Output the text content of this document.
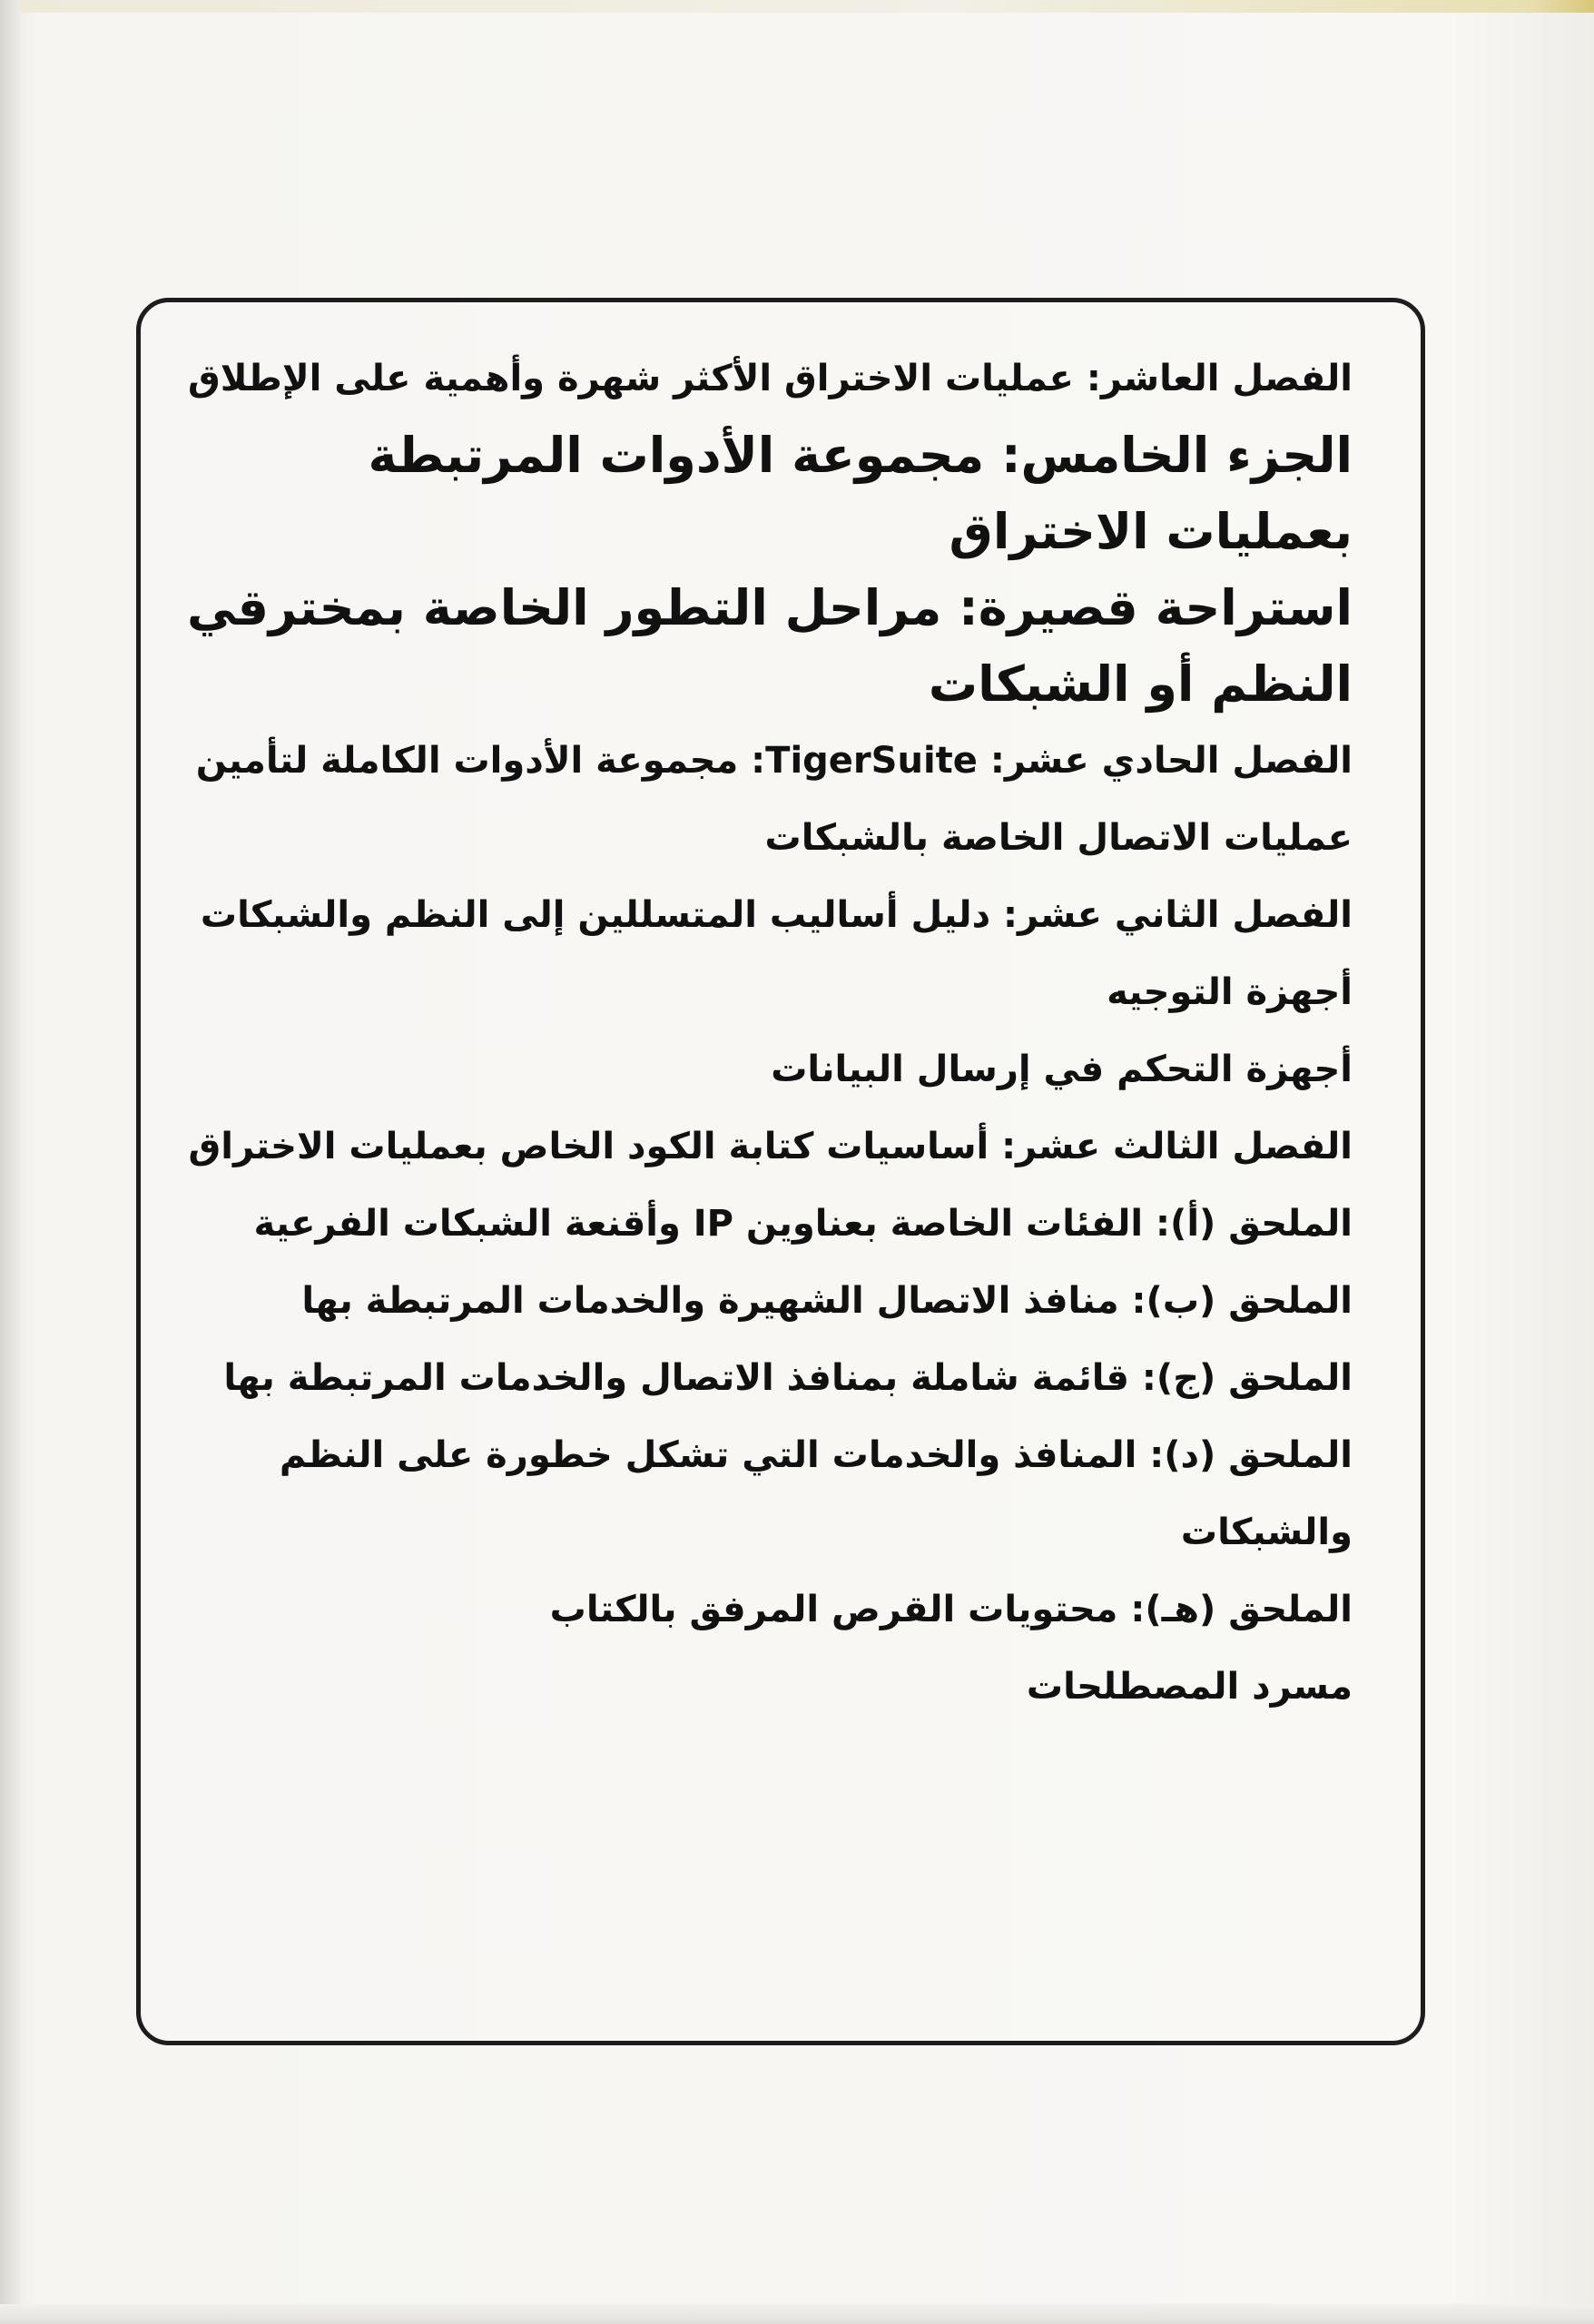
الفصل العاشر: عمليات الاختراق الأكثر شهرة وأهمية على الإطلاق

الجزء الخامس: مجموعة الأدوات المرتبطة بعمليات الاختراق

استراحة قصيرة: مراحل التطور الخاصة بمخترقي النظم أو الشبكات

الفصل الحادي عشر: TigerSuite: مجموعة الأدوات الكاملة لتأمين عمليات الاتصال الخاصة بالشبكات

الفصل الثاني عشر: دليل أساليب المتسللين إلى النظم والشبكات

أجهزة التوجيه

أجهزة التحكم في إرسال البيانات

الفصل الثالث عشر: أساسيات كتابة الكود الخاص بعمليات الاختراق

الملحق (أ): الفئات الخاصة بعناوين IP وأقنعة الشبكات الفرعية

الملحق (ب): منافذ الاتصال الشهيرة والخدمات المرتبطة بها

الملحق (ج): قائمة شاملة بمنافذ الاتصال والخدمات المرتبطة بها

الملحق (د): المنافذ والخدمات التي تشكل خطورة على النظم والشبكات

الملحق (هـ): محتويات القرص المرفق بالكتاب

مسرد المصطلحات
